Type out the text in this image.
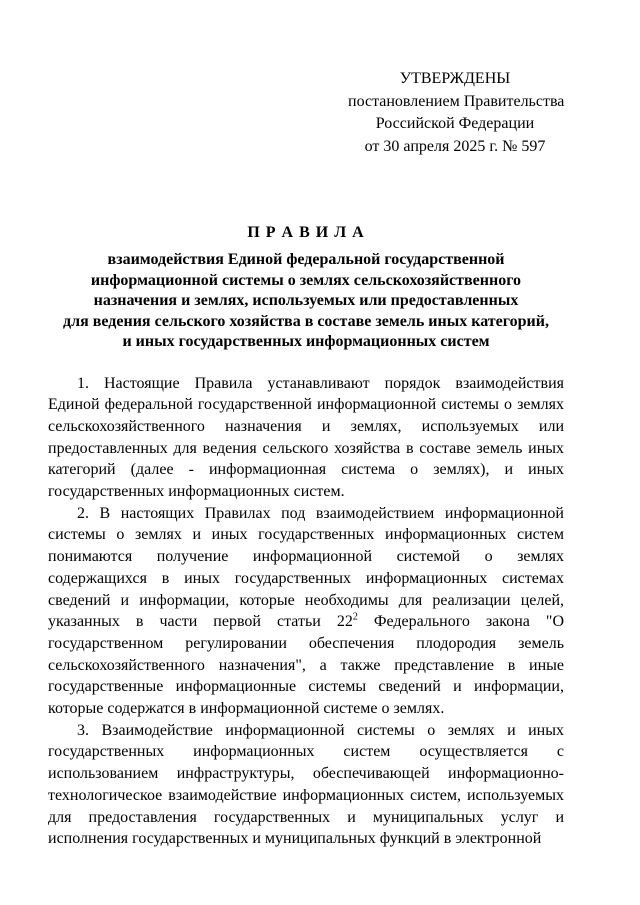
УТВЕРЖДЕНЫ
постановлением Правительства
Российской Федерации
от 30 апреля 2025 г. № 597
П Р А В И Л А
взаимодействия Единой федеральной государственной
информационной системы о землях сельскохозяйственного
назначения и землях, используемых или предоставленных
для ведения сельского хозяйства в составе земель иных категорий,
и иных государственных информационных систем

1. Настоящие Правила устанавливают порядок взаимодействия Единой федеральной государственной информационной системы о землях сельскохозяйственного назначения и землях, используемых или предоставленных для ведения сельского хозяйства в составе земель иных категорий (далее - информационная система о землях), и иных государственных информационных систем.

2. В настоящих Правилах под взаимодействием информационной системы о землях и иных государственных информационных систем понимаются получение информационной системой о землях содержащихся в иных государственных информационных системах сведений и информации, которые необходимы для реализации целей, указанных в части первой статьи $22^2$ Федерального закона "О государственном регулировании обеспечения плодородия земель сельскохозяйственного назначения", а также представление в иные государственные информационные системы сведений и информации, которые содержатся в информационной системе о землях.

3. Взаимодействие информационной системы о землях и иных государственных информационных систем осуществляется с использованием инфраструктуры, обеспечивающей информационно-технологическое взаимодействие информационных систем, используемых для предоставления государственных и муниципальных услуг и исполнения государственных и муниципальных функций в электронной
